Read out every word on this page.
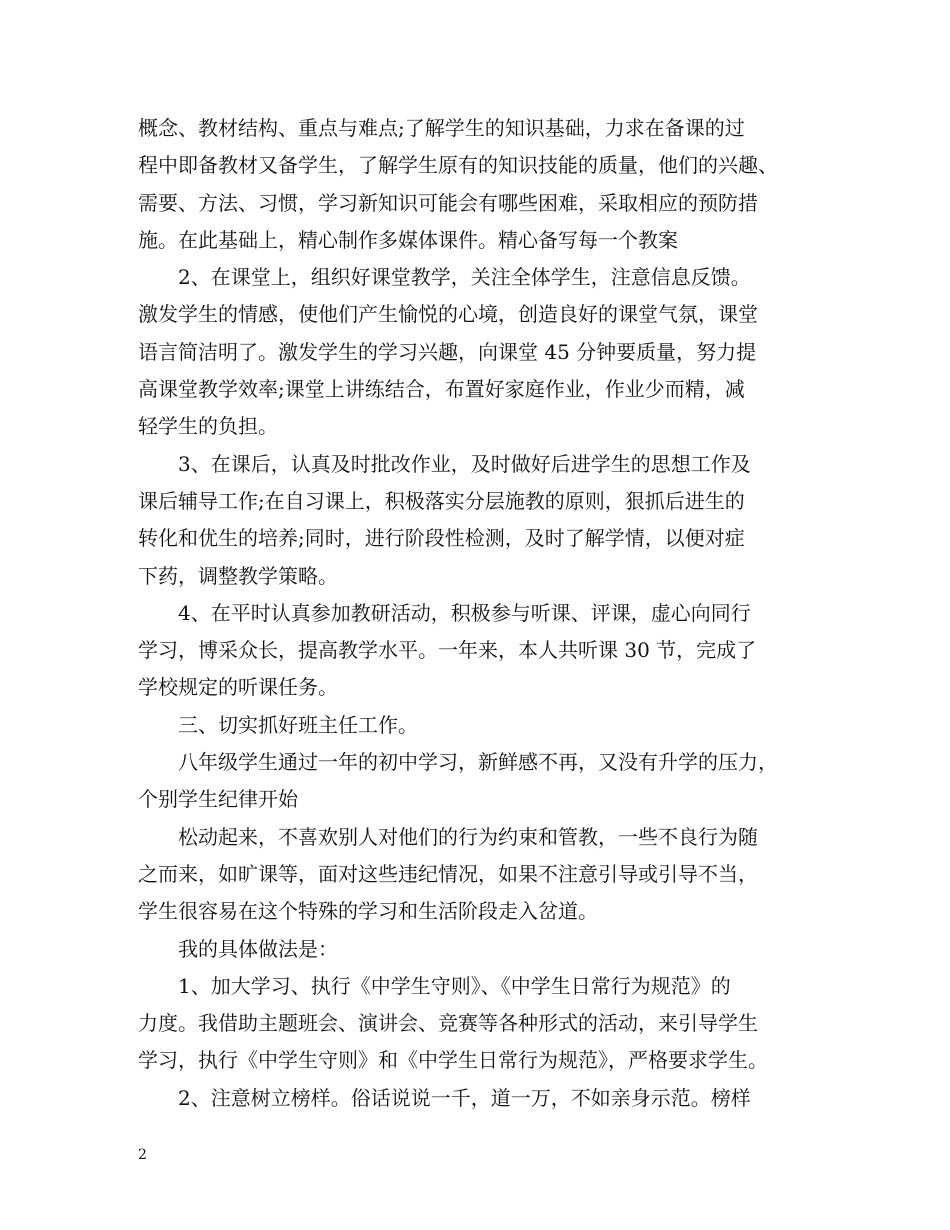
概念、教材结构、重点与难点;了解学生的知识基础，力求在备课的过
程中即备教材又备学生，了解学生原有的知识技能的质量，他们的兴趣、
需要、方法、习惯，学习新知识可能会有哪些困难，采取相应的预防措
施。在此基础上，精心制作多媒体课件。精心备写每一个教案
2、在课堂上，组织好课堂教学，关注全体学生，注意信息反馈。
激发学生的情感，使他们产生愉悦的心境，创造良好的课堂气氛，课堂
语言简洁明了。激发学生的学习兴趣，向课堂 45 分钟要质量，努力提
高课堂教学效率;课堂上讲练结合，布置好家庭作业，作业少而精，减
轻学生的负担。
3、在课后，认真及时批改作业，及时做好后进学生的思想工作及
课后辅导工作;在自习课上，积极落实分层施教的原则，狠抓后进生的
转化和优生的培养;同时，进行阶段性检测，及时了解学情，以便对症
下药，调整教学策略。
4、在平时认真参加教研活动，积极参与听课、评课，虚心向同行
学习，博采众长，提高教学水平。一年来，本人共听课 30 节，完成了
学校规定的听课任务。
三、切实抓好班主任工作。
八年级学生通过一年的初中学习，新鲜感不再，又没有升学的压力，
个别学生纪律开始
松动起来，不喜欢别人对他们的行为约束和管教，一些不良行为随
之而来，如旷课等，面对这些违纪情况，如果不注意引导或引导不当，
学生很容易在这个特殊的学习和生活阶段走入岔道。
我的具体做法是：
1、加大学习、执行《中学生守则》、《中学生日常行为规范》的
力度。我借助主题班会、演讲会、竞赛等各种形式的活动，来引导学生
学习，执行《中学生守则》和《中学生日常行为规范》，严格要求学生。
2、注意树立榜样。俗话说说一千，道一万，不如亲身示范。榜样
2
